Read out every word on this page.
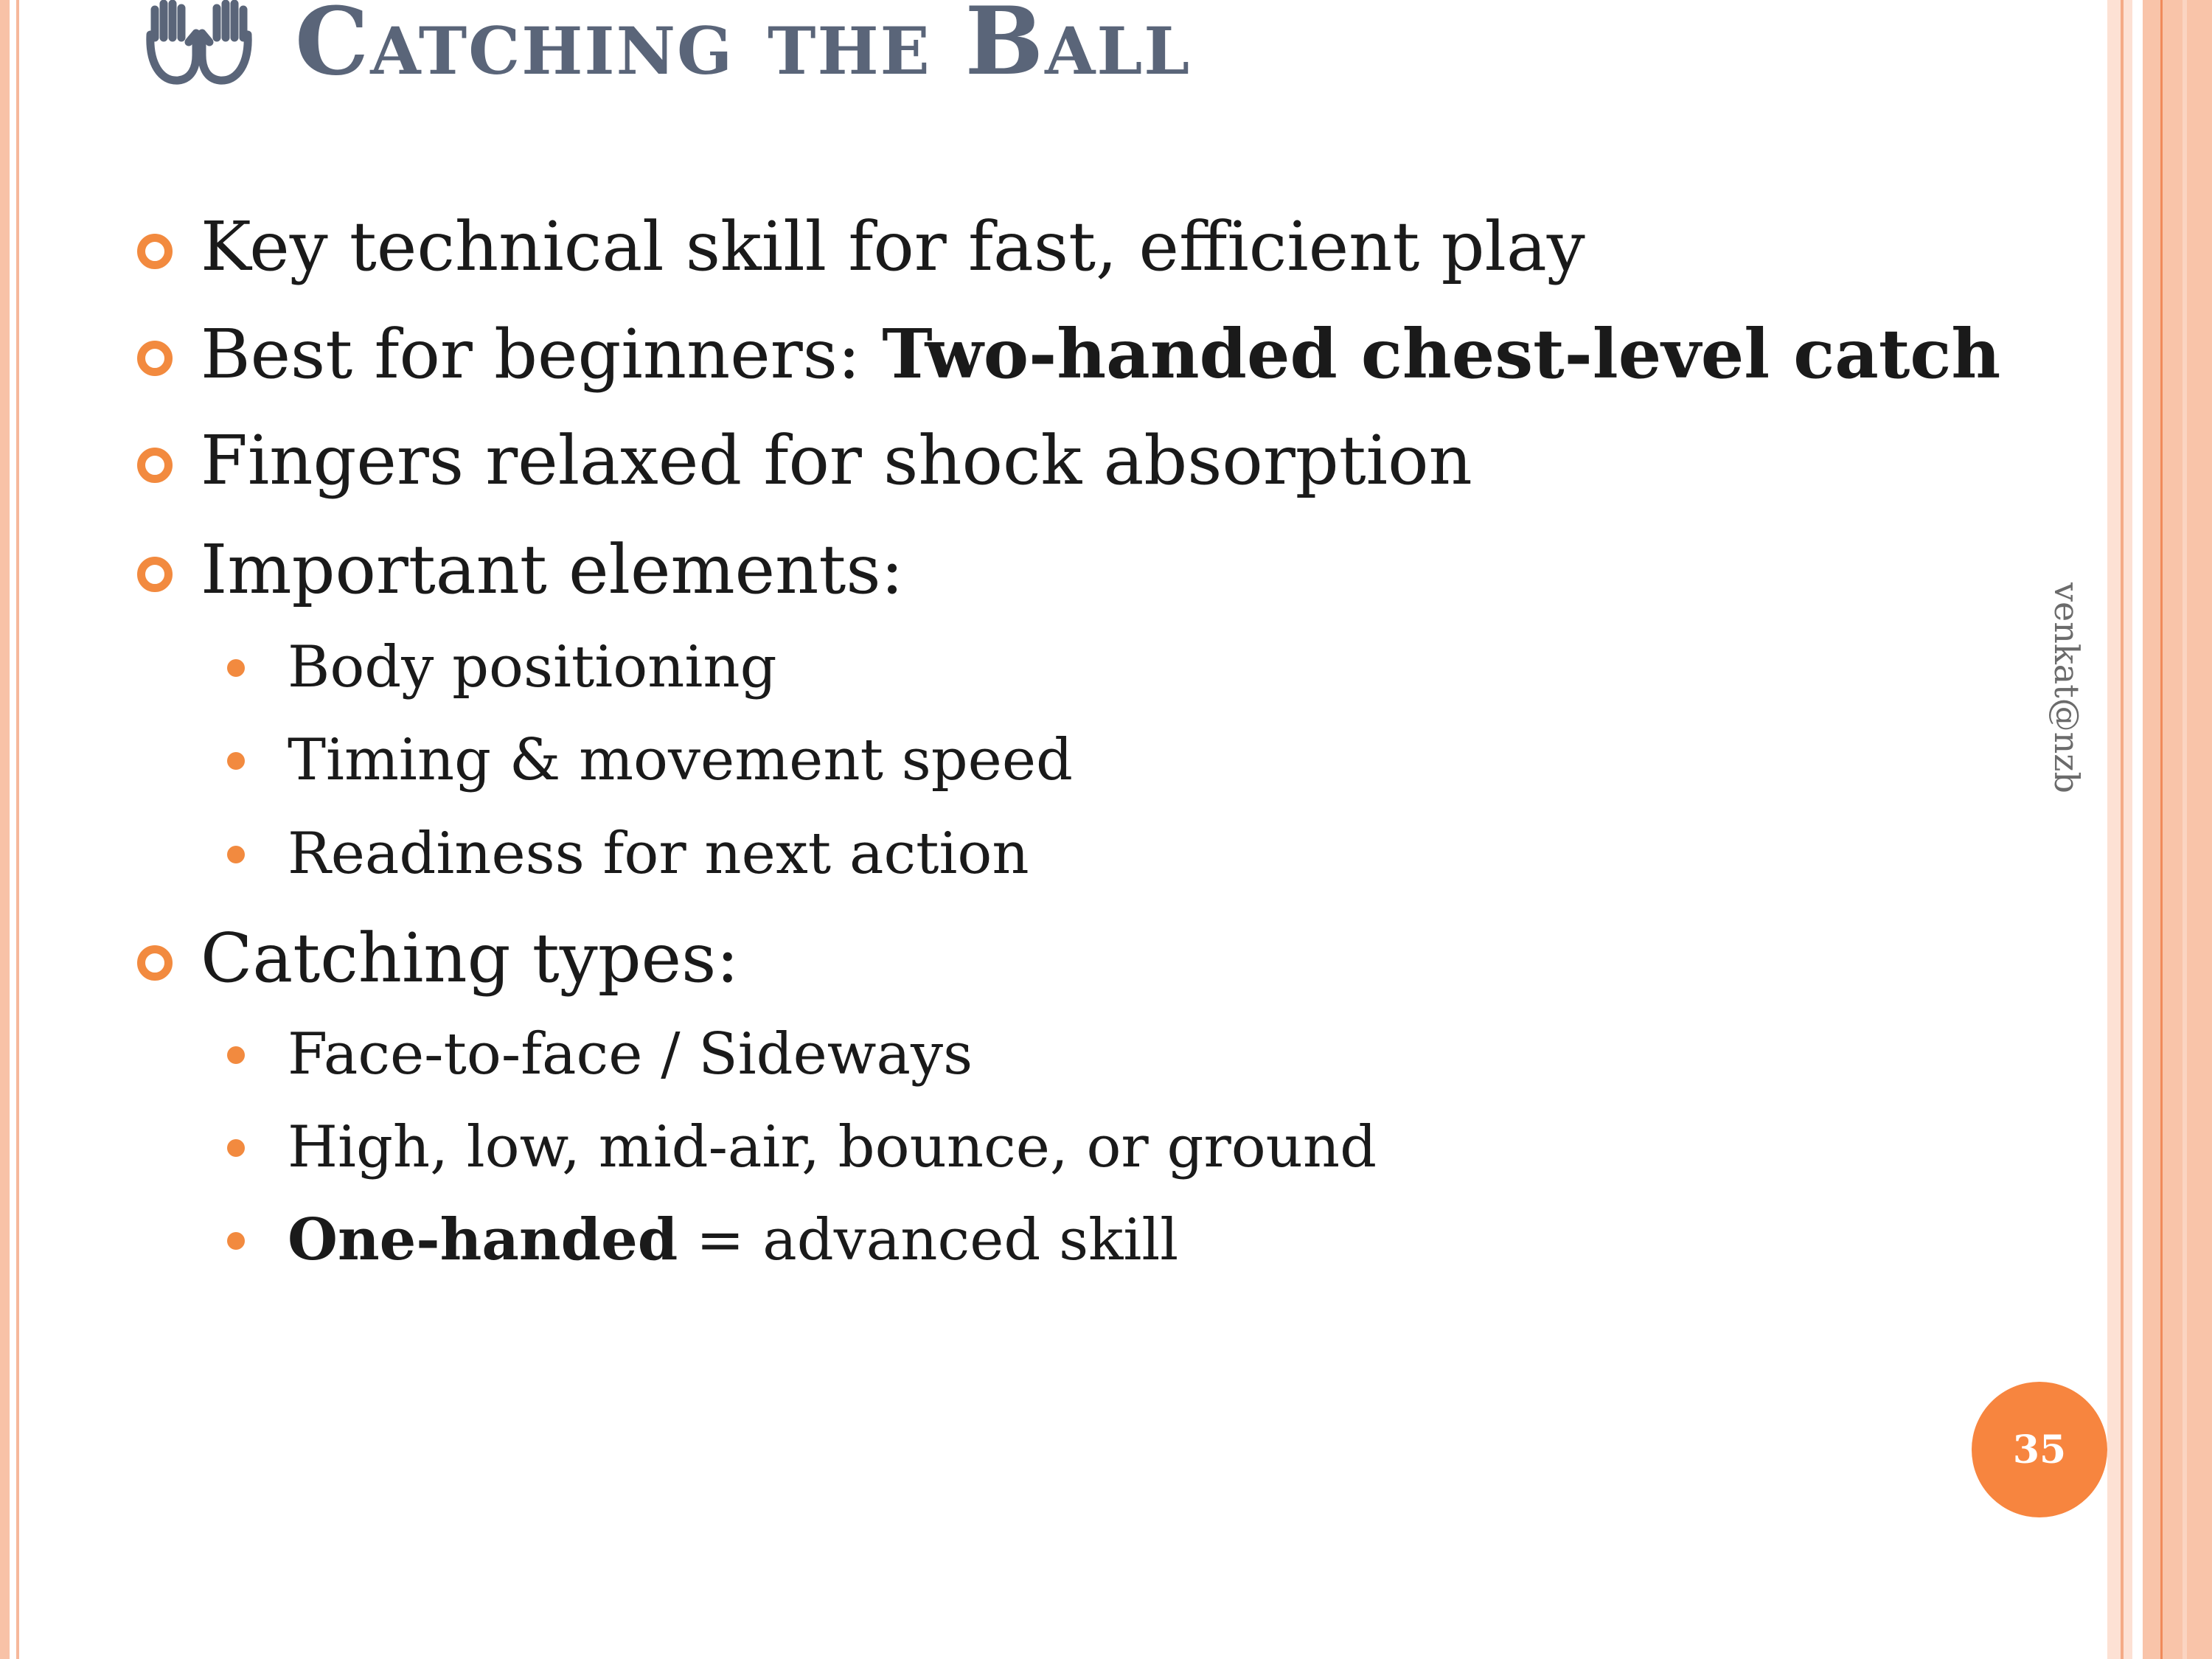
Catching the Ball
Key technical skill for fast, efficient play
Best for beginners: Two-handed chest-level catch
Fingers relaxed for shock absorption
Important elements:
Body positioning
Timing & movement speed
Readiness for next action
Catching types:
Face-to-face / Sideways
High, low, mid-air, bounce, or ground
One-handed = advanced skill
venkat@nzb
35
